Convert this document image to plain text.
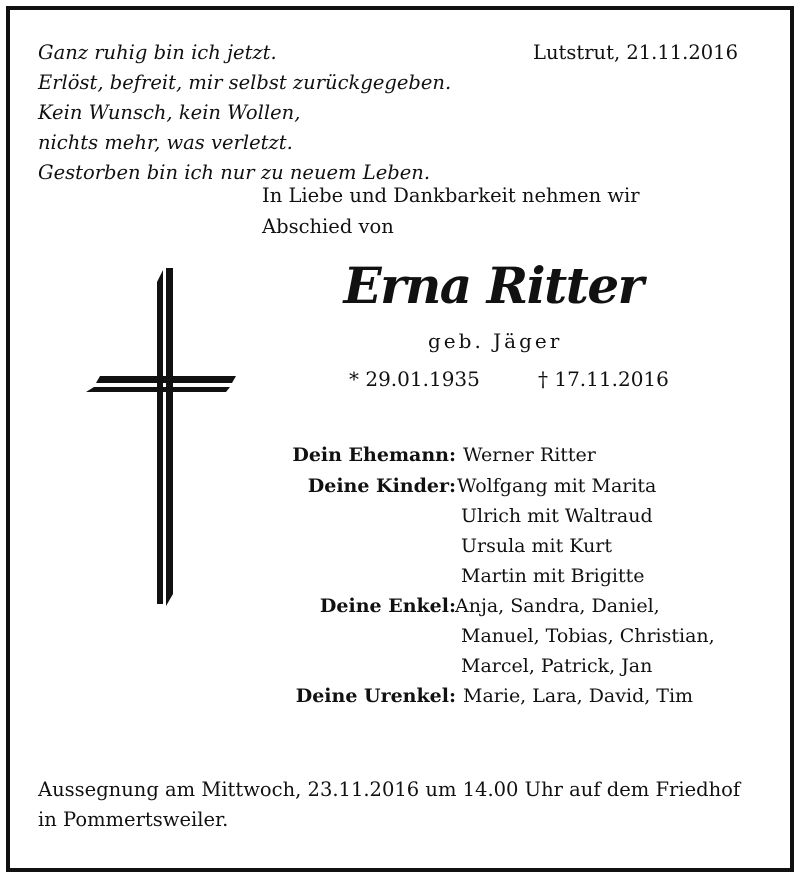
Ganz ruhig bin ich jetzt.
Erlöst, befreit, mir selbst zurückgegeben.
Kein Wunsch, kein Wollen,
nichts mehr, was verletzt.
Gestorben bin ich nur zu neuem Leben.
Lutstrut, 21.11.2016
In Liebe und Dankbarkeit nehmen wir
Abschied von
Erna Ritter
geb. Jäger
* 29.01.1935	† 17.11.2016
Dein Ehemann: Werner Ritter
Deine Kinder: Wolfgang mit Marita
Ulrich mit Waltraud
Ursula mit Kurt
Martin mit Brigitte
Deine Enkel: Anja, Sandra, Daniel,
Manuel, Tobias, Christian,
Marcel, Patrick, Jan
Deine Urenkel: Marie, Lara, David, Tim
Aussegnung am Mittwoch, 23.11.2016 um 14.00 Uhr auf dem Friedhof
in Pommertsweiler.
